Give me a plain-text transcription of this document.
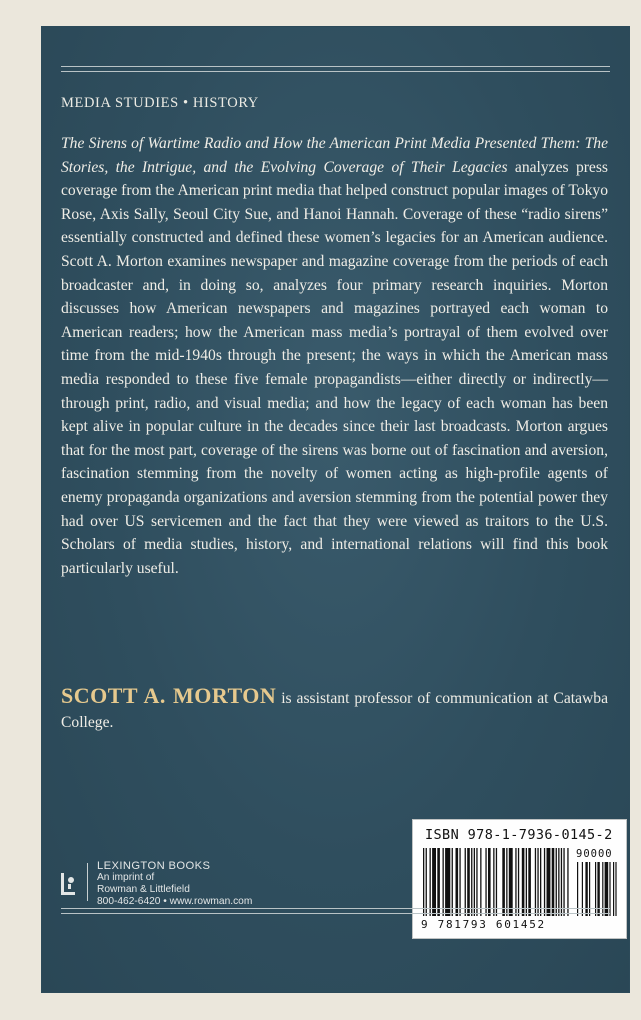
MEDIA STUDIES • HISTORY
The Sirens of Wartime Radio and How the American Print Media Presented Them: The Stories, the Intrigue, and the Evolving Coverage of Their Legacies analyzes press coverage from the American print media that helped construct popular images of Tokyo Rose, Axis Sally, Seoul City Sue, and Hanoi Hannah. Coverage of these “radio sirens” essentially constructed and defined these women’s legacies for an American audience. Scott A. Morton examines newspaper and magazine coverage from the periods of each broadcaster and, in doing so, analyzes four primary research inquiries. Morton discusses how American newspapers and magazines portrayed each woman to American readers; how the American mass media’s portrayal of them evolved over time from the mid-1940s through the present; the ways in which the American mass media responded to these five female propagandists—either directly or indirectly—through print, radio, and visual media; and how the legacy of each woman has been kept alive in popular culture in the decades since their last broadcasts. Morton argues that for the most part, coverage of the sirens was borne out of fascination and aversion, fascination stemming from the novelty of women acting as high-profile agents of enemy propaganda organizations and aversion stemming from the potential power they had over US servicemen and the fact that they were viewed as traitors to the U.S. Scholars of media studies, history, and international relations will find this book particularly useful.
SCOTT A. MORTON is assistant professor of communication at Catawba College.
LEXINGTON BOOKS
An imprint of
Rowman & Littlefield
800-462-6420 • www.rowman.com
ISBN 978-1-7936-0145-2
90000
9 781793 601452
